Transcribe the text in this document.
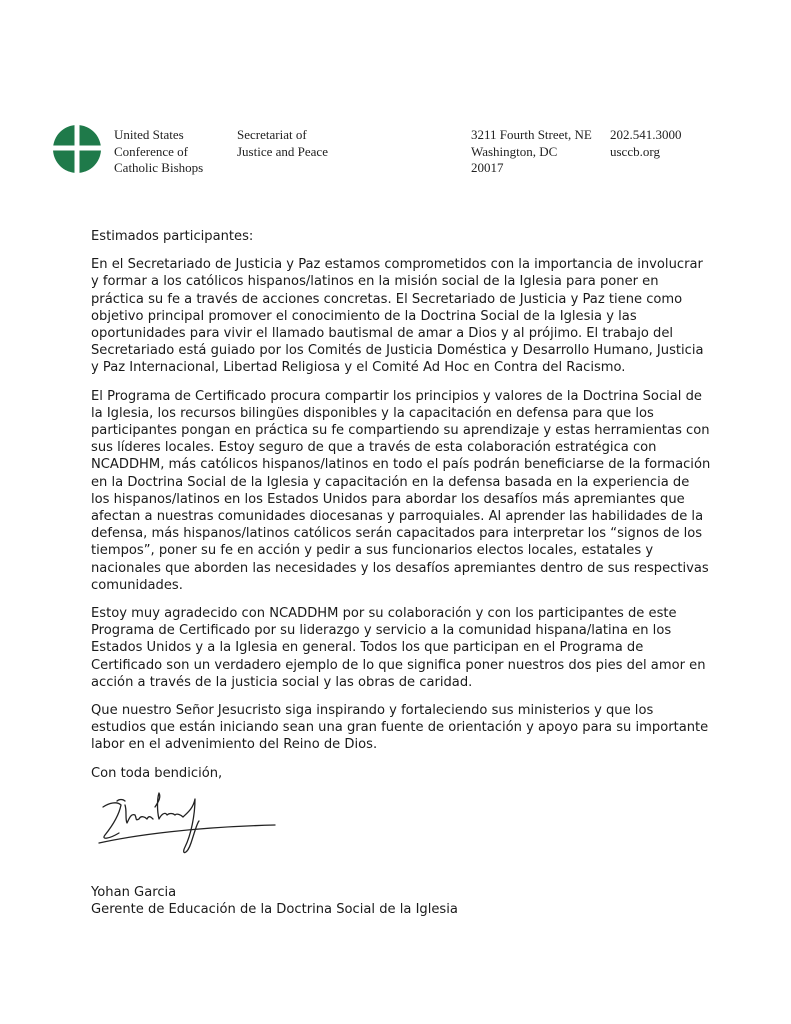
United States
Conference of
Catholic Bishops
Secretariat of
Justice and Peace
3211 Fourth Street, NE
Washington, DC
20017
202.541.3000
usccb.org

Estimados participantes:

En el Secretariado de Justicia y Paz estamos comprometidos con la importancia de involucrar y formar a los católicos hispanos/latinos en la misión social de la Iglesia para poner en práctica su fe a través de acciones concretas. El Secretariado de Justicia y Paz tiene como objetivo principal promover el conocimiento de la Doctrina Social de la Iglesia y las oportunidades para vivir el llamado bautismal de amar a Dios y al prójimo. El trabajo del Secretariado está guiado por los Comités de Justicia Doméstica y Desarrollo Humano, Justicia y Paz Internacional, Libertad Religiosa y el Comité Ad Hoc en Contra del Racismo.

El Programa de Certificado procura compartir los principios y valores de la Doctrina Social de la Iglesia, los recursos bilingües disponibles y la capacitación en defensa para que los participantes pongan en práctica su fe compartiendo su aprendizaje y estas herramientas con sus líderes locales. Estoy seguro de que a través de esta colaboración estratégica con NCADDHM, más católicos hispanos/latinos en todo el país podrán beneficiarse de la formación en la Doctrina Social de la Iglesia y capacitación en la defensa basada en la experiencia de los hispanos/latinos en los Estados Unidos para abordar los desafíos más apremiantes que afectan a nuestras comunidades diocesanas y parroquiales. Al aprender las habilidades de la defensa, más hispanos/latinos católicos serán capacitados para interpretar los “signos de los tiempos”, poner su fe en acción y pedir a sus funcionarios electos locales, estatales y nacionales que aborden las necesidades y los desafíos apremiantes dentro de sus respectivas comunidades.

Estoy muy agradecido con NCADDHM por su colaboración y con los participantes de este Programa de Certificado por su liderazgo y servicio a la comunidad hispana/latina en los Estados Unidos y a la Iglesia en general. Todos los que participan en el Programa de Certificado son un verdadero ejemplo de lo que significa poner nuestros dos pies del amor en acción a través de la justicia social y las obras de caridad.

Que nuestro Señor Jesucristo siga inspirando y fortaleciendo sus ministerios y que los estudios que están iniciando sean una gran fuente de orientación y apoyo para su importante labor en el advenimiento del Reino de Dios.

Con toda bendición,

Yohan Garcia
Gerente de Educación de la Doctrina Social de la Iglesia
